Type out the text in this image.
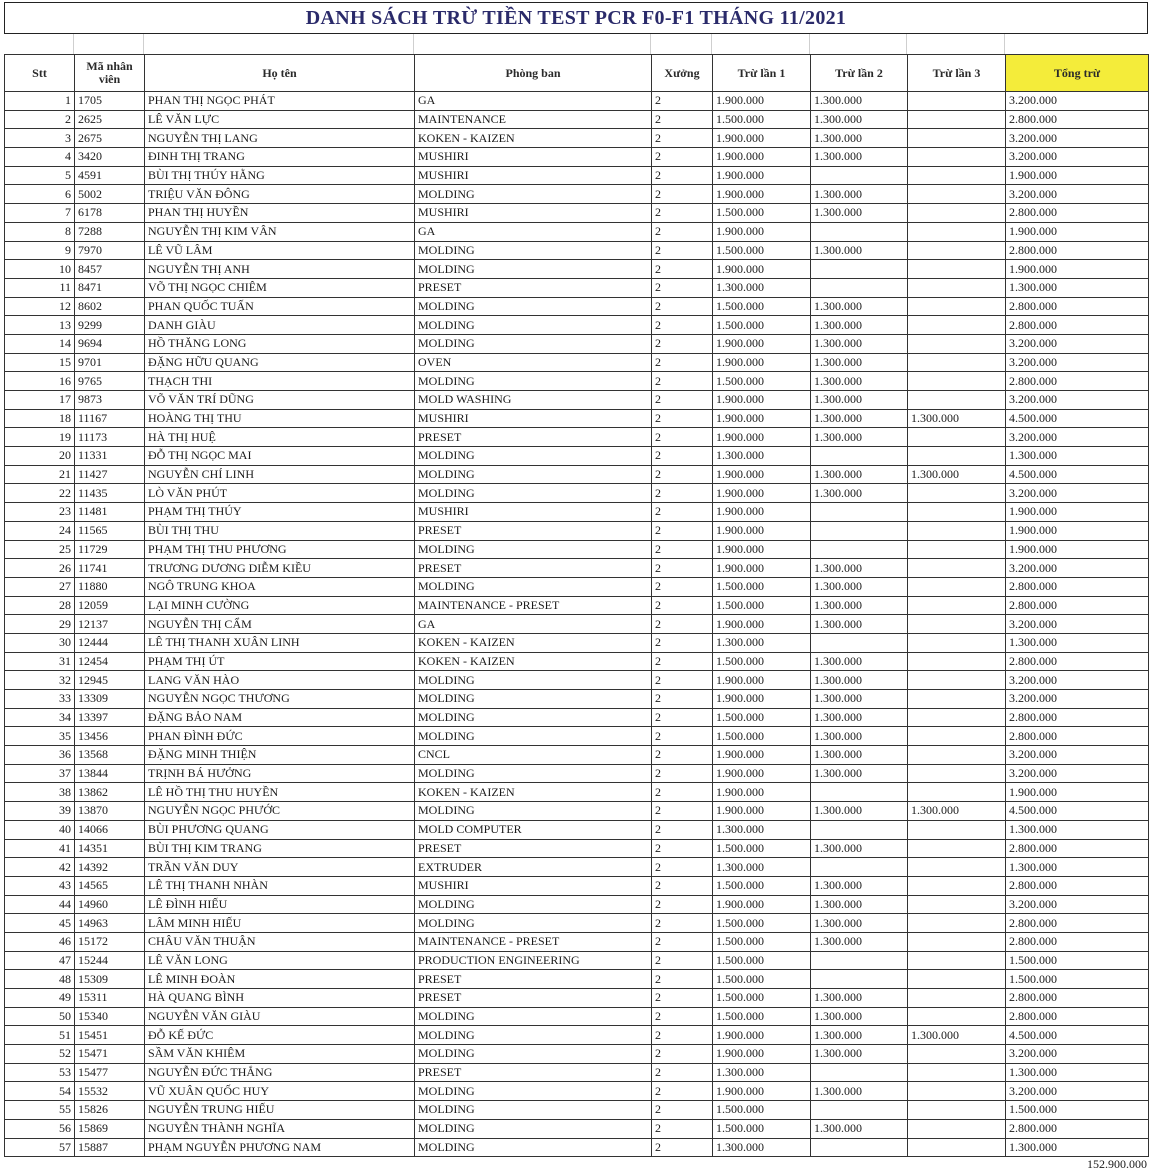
DANH SÁCH TRỪ TIỀN TEST PCR F0-F1 THÁNG 11/2021
Stt	Mã nhân viên	Họ tên	Phòng ban	Xưởng	Trừ lần 1	Trừ lần 2	Trừ lần 3	Tổng trừ
1	1705	PHAN THỊ NGỌC PHÁT	GA	2	1.900.000	1.300.000		3.200.000
2	2625	LÊ VĂN LỰC	MAINTENANCE	2	1.500.000	1.300.000		2.800.000
3	2675	NGUYỄN THỊ LANG	KOKEN - KAIZEN	2	1.900.000	1.300.000		3.200.000
4	3420	ĐINH THỊ TRANG	MUSHIRI	2	1.900.000	1.300.000		3.200.000
5	4591	BÙI THỊ THÚY HẰNG	MUSHIRI	2	1.900.000			1.900.000
6	5002	TRIỆU VĂN ĐÔNG	MOLDING	2	1.900.000	1.300.000		3.200.000
7	6178	PHAN THỊ HUYỀN	MUSHIRI	2	1.500.000	1.300.000		2.800.000
8	7288	NGUYỄN THỊ KIM VÂN	GA	2	1.900.000			1.900.000
9	7970	LÊ VŨ LÂM	MOLDING	2	1.500.000	1.300.000		2.800.000
10	8457	NGUYỄN THỊ ANH	MOLDING	2	1.900.000			1.900.000
11	8471	VÕ THỊ NGỌC CHIÊM	PRESET	2	1.300.000			1.300.000
12	8602	PHAN QUỐC TUẤN	MOLDING	2	1.500.000	1.300.000		2.800.000
13	9299	DANH GIÀU	MOLDING	2	1.500.000	1.300.000		2.800.000
14	9694	HỒ THĂNG LONG	MOLDING	2	1.900.000	1.300.000		3.200.000
15	9701	ĐẶNG HỮU QUANG	OVEN	2	1.900.000	1.300.000		3.200.000
16	9765	THẠCH THI	MOLDING	2	1.500.000	1.300.000		2.800.000
17	9873	VÕ VĂN TRÍ DŨNG	MOLD WASHING	2	1.900.000	1.300.000		3.200.000
18	11167	HOÀNG THỊ THU	MUSHIRI	2	1.900.000	1.300.000	1.300.000	4.500.000
19	11173	HÀ THỊ HUỆ	PRESET	2	1.900.000	1.300.000		3.200.000
20	11331	ĐỖ THỊ NGỌC MAI	MOLDING	2	1.300.000			1.300.000
21	11427	NGUYỄN CHÍ LINH	MOLDING	2	1.900.000	1.300.000	1.300.000	4.500.000
22	11435	LÒ VĂN PHÚT	MOLDING	2	1.900.000	1.300.000		3.200.000
23	11481	PHẠM THỊ THÚY	MUSHIRI	2	1.900.000			1.900.000
24	11565	BÙI THỊ THU	PRESET	2	1.900.000			1.900.000
25	11729	PHẠM THỊ THU PHƯƠNG	MOLDING	2	1.900.000			1.900.000
26	11741	TRƯƠNG DƯƠNG DIỄM KIỀU	PRESET	2	1.900.000	1.300.000		3.200.000
27	11880	NGÔ TRUNG KHOA	MOLDING	2	1.500.000	1.300.000		2.800.000
28	12059	LẠI MINH CƯỜNG	MAINTENANCE - PRESET	2	1.500.000	1.300.000		2.800.000
29	12137	NGUYỄN THỊ CẨM	GA	2	1.900.000	1.300.000		3.200.000
30	12444	LÊ THỊ THANH XUÂN LINH	KOKEN - KAIZEN	2	1.300.000			1.300.000
31	12454	PHẠM THỊ ÚT	KOKEN - KAIZEN	2	1.500.000	1.300.000		2.800.000
32	12945	LANG VĂN HÀO	MOLDING	2	1.900.000	1.300.000		3.200.000
33	13309	NGUYỄN NGỌC THƯƠNG	MOLDING	2	1.900.000	1.300.000		3.200.000
34	13397	ĐẶNG BẢO NAM	MOLDING	2	1.500.000	1.300.000		2.800.000
35	13456	PHAN ĐÌNH ĐỨC	MOLDING	2	1.500.000	1.300.000		2.800.000
36	13568	ĐẶNG MINH THIỆN	CNCL	2	1.900.000	1.300.000		3.200.000
37	13844	TRỊNH BÁ HƯỞNG	MOLDING	2	1.900.000	1.300.000		3.200.000
38	13862	LÊ HỒ THỊ THU HUYỀN	KOKEN - KAIZEN	2	1.900.000			1.900.000
39	13870	NGUYỄN NGỌC PHƯỚC	MOLDING	2	1.900.000	1.300.000	1.300.000	4.500.000
40	14066	BÙI PHƯƠNG QUANG	MOLD COMPUTER	2	1.300.000			1.300.000
41	14351	BÙI THỊ KIM TRANG	PRESET	2	1.500.000	1.300.000		2.800.000
42	14392	TRẦN VĂN DUY	EXTRUDER	2	1.300.000			1.300.000
43	14565	LÊ THỊ THANH NHÀN	MUSHIRI	2	1.500.000	1.300.000		2.800.000
44	14960	LÊ ĐÌNH HIẾU	MOLDING	2	1.900.000	1.300.000		3.200.000
45	14963	LÂM MINH HIẾU	MOLDING	2	1.500.000	1.300.000		2.800.000
46	15172	CHÂU VĂN THUẬN	MAINTENANCE - PRESET	2	1.500.000	1.300.000		2.800.000
47	15244	LÊ VĂN LONG	PRODUCTION ENGINEERING	2	1.500.000			1.500.000
48	15309	LÊ MINH ĐOÀN	PRESET	2	1.500.000			1.500.000
49	15311	HÀ QUANG BÌNH	PRESET	2	1.500.000	1.300.000		2.800.000
50	15340	NGUYỄN VĂN GIÀU	MOLDING	2	1.500.000	1.300.000		2.800.000
51	15451	ĐỖ KẾ ĐỨC	MOLDING	2	1.900.000	1.300.000	1.300.000	4.500.000
52	15471	SẦM VĂN KHIÊM	MOLDING	2	1.900.000	1.300.000		3.200.000
53	15477	NGUYỄN ĐỨC THẮNG	PRESET	2	1.300.000			1.300.000
54	15532	VŨ XUÂN QUỐC HUY	MOLDING	2	1.900.000	1.300.000		3.200.000
55	15826	NGUYỄN TRUNG HIẾU	MOLDING	2	1.500.000			1.500.000
56	15869	NGUYỄN THÀNH NGHĨA	MOLDING	2	1.500.000	1.300.000		2.800.000
57	15887	PHẠM NGUYỄN PHƯƠNG NAM	MOLDING	2	1.300.000			1.300.000
152.900.000
